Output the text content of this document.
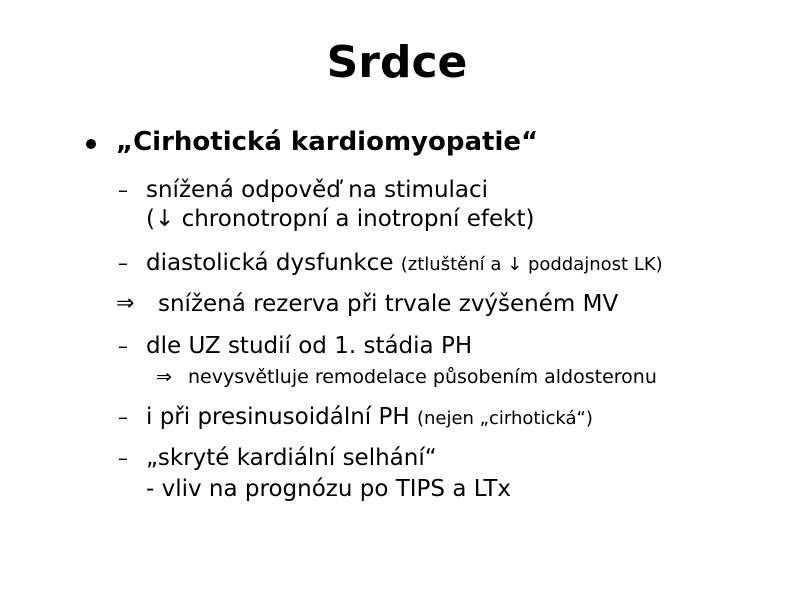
Srdce
„Cirhotická kardiomyopatie“
– snížená odpověď na stimulaci
(↓ chronotropní a inotropní efekt)
– diastolická dysfunkce (ztluštění a ↓ poddajnost LK)
⇒ snížená rezerva při trvale zvýšeném MV
– dle UZ studií od 1. stádia PH
⇒ nevysvětluje remodelace působením aldosteronu
– i při presinusoidální PH (nejen „cirhotická“)
– „skryté kardiální selhání“
- vliv na prognózu po TIPS a LTx
